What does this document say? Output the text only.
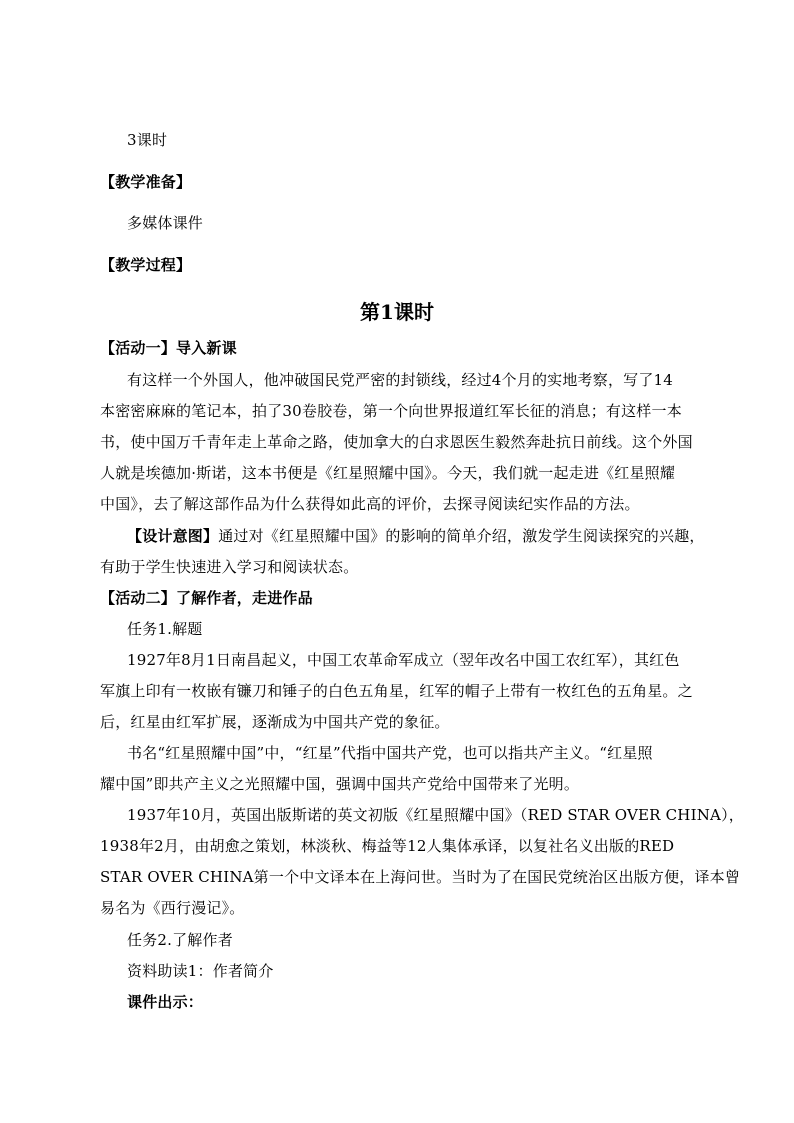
3课时
【教学准备】
多媒体课件
【教学过程】
第1课时
【活动一】导入新课
有这样一个外国人，他冲破国民党严密的封锁线，经过4个月的实地考察，写了14
本密密麻麻的笔记本，拍了30卷胶卷，第一个向世界报道红军长征的消息；有这样一本
书，使中国万千青年走上革命之路，使加拿大的白求恩医生毅然奔赴抗日前线。这个外国
人就是埃德加·斯诺，这本书便是《红星照耀中国》。今天，我们就一起走进《红星照耀
中国》，去了解这部作品为什么获得如此高的评价，去探寻阅读纪实作品的方法。
【设计意图】通过对《红星照耀中国》的影响的简单介绍，激发学生阅读探究的兴趣，
有助于学生快速进入学习和阅读状态。
【活动二】了解作者，走进作品
任务1.解题
1927年8月1日南昌起义，中国工农革命军成立（翌年改名中国工农红军），其红色
军旗上印有一枚嵌有镰刀和锤子的白色五角星，红军的帽子上带有一枚红色的五角星。之
后，红星由红军扩展，逐渐成为中国共产党的象征。
书名“红星照耀中国”中，“红星”代指中国共产党，也可以指共产主义。“红星照
耀中国”即共产主义之光照耀中国，强调中国共产党给中国带来了光明。
1937年10月，英国出版斯诺的英文初版《红星照耀中国》（RED STAR OVER CHINA），
1938年2月，由胡愈之策划，林淡秋、梅益等12人集体承译，以复社名义出版的RED
STAR OVER CHINA第一个中文译本在上海问世。当时为了在国民党统治区出版方便，译本曾
易名为《西行漫记》。
任务2.了解作者
资料助读1：作者简介
课件出示：
